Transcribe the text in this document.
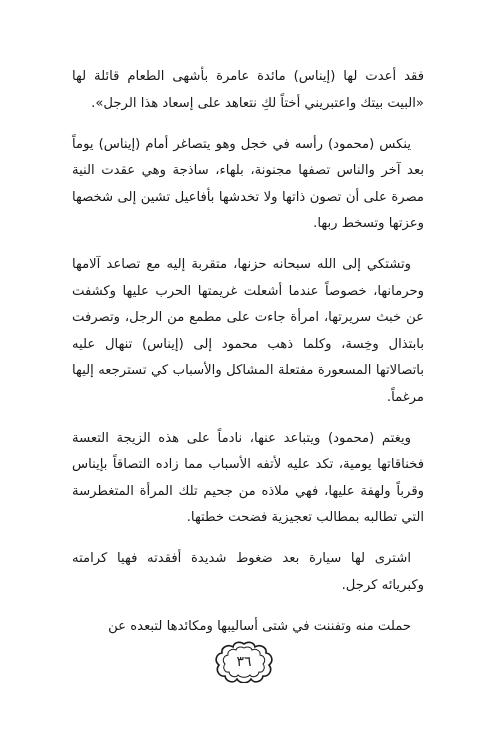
فقد أعدت لها (إيناس) مائدة عامرة بأشهى الطعام قائلة لها «البيت بيتك واعتبريني أختاً لكِ نتعاهد على إسعاد هذا الرجل».

ينكس (محمود) رأسه في خجل وهو يتصاغر أمام (إيناس) يوماً بعد آخر والناس تصفها مجنونة، بلهاء، ساذجة وهي عقدت النية مصرة على أن تصون ذاتها ولا تخدشها بأفاعيل تشين إلى شخصها وعزتها وتسخط ربها.

وتشتكي إلى الله سبحانه حزنها، متقربة إليه مع تصاعد آلامها وحرمانها، خصوصاً عندما أشعلت غريمتها الحرب عليها وكشفت عن خبث سريرتها، امرأة جاءت على مطمع من الرجل، وتصرفت بابتذال وخِسة، وكلما ذهب محمود إلى (إيناس) تنهال عليه باتصالاتها المسعورة مفتعلة المشاكل والأسباب كي تسترجعه إليها مرغماً.

ويغتم (محمود) ويتباعد عنها، نادماً على هذه الزيجة التعسة فخناقاتها يومية، تكد عليه لأتفه الأسباب مما زاده التصاقاً بإيناس وقرباً ولهفة عليها، فهي ملاذه من جحيم تلك المرأة المتغطرسة التي تطالبه بمطالب تعجيزية فضحت خطتها.

اشترى لها سيارة بعد ضغوط شديدة أفقدته فهيا كرامته وكبريائه كرجل.

حملت منه وتفننت في شتى أساليبها ومكائدها لتبعده عن

٣٦
